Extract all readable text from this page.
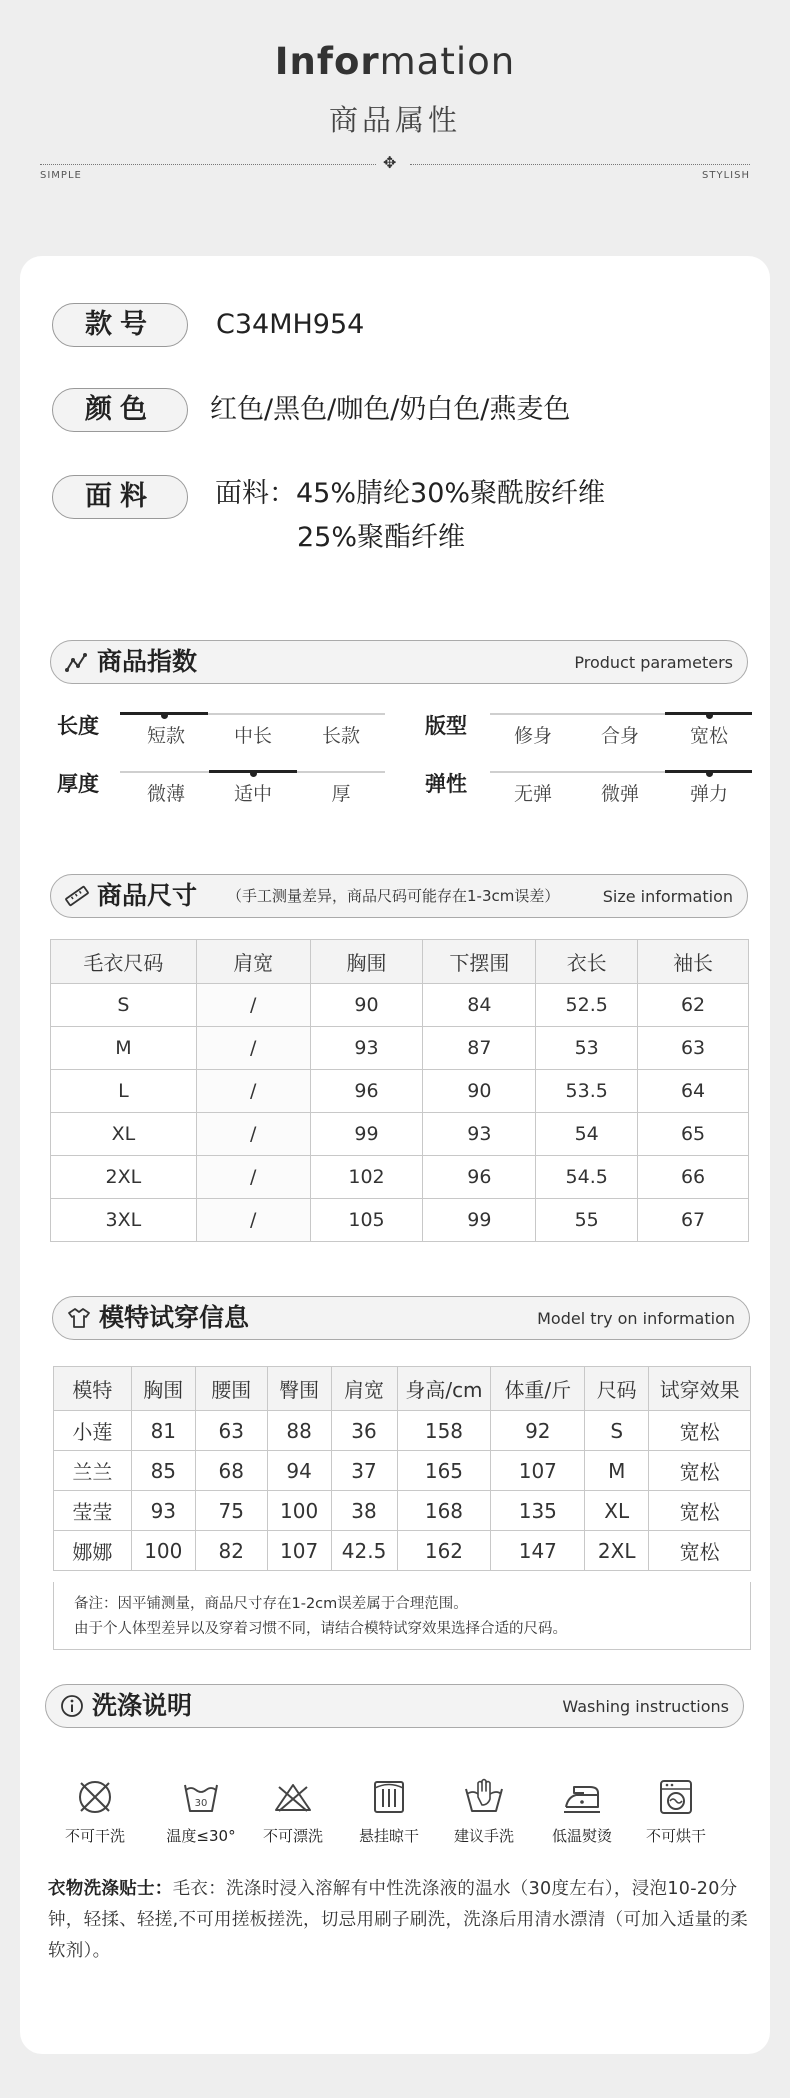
Information
商品属性
✥
SIMPLE	STYLISH
款号	C34MH954
颜色	红色/黑色/咖色/奶白色/燕麦色
面料	面料：45%腈纶30%聚酰胺纤维
25%聚酯纤维
商品指数	Product parameters
长度	短款	中长	长款	版型	修身	合身	宽松
厚度	微薄	适中	厚	弹性	无弹	微弹	弹力
商品尺寸 （手工测量差异，商品尺码可能存在1-3cm误差）	Size information
毛衣尺码	肩宽	胸围	下摆围	衣长	袖长
S	/	90	84	52.5	62
M	/	93	87	53	63
L	/	96	90	53.5	64
XL	/	99	93	54	65
2XL	/	102	96	54.5	66
3XL	/	105	99	55	67
模特试穿信息	Model try on information
模特	胸围	腰围	臀围	肩宽	身高/cm	体重/斤	尺码	试穿效果
小莲	81	63	88	36	158	92	S	宽松
兰兰	85	68	94	37	165	107	M	宽松
莹莹	93	75	100	38	168	135	XL	宽松
娜娜	100	82	107	42.5	162	147	2XL	宽松
备注：因平铺测量，商品尺寸存在1-2cm误差属于合理范围。
由于个人体型差异以及穿着习惯不同，请结合模特试穿效果选择合适的尺码。
洗涤说明	Washing instructions
不可干洗
30
温度≤30°	不可漂洗	悬挂晾干	建议手洗	低温熨烫	不可烘干
衣物洗涤贴士：毛衣：洗涤时浸入溶解有中性洗涤液的温水（30度左右），浸泡10-20分钟，轻揉、轻搓,不可用搓板搓洗，切忌用刷子刷洗，洗涤后用清水漂清（可加入适量的柔软剂）。
